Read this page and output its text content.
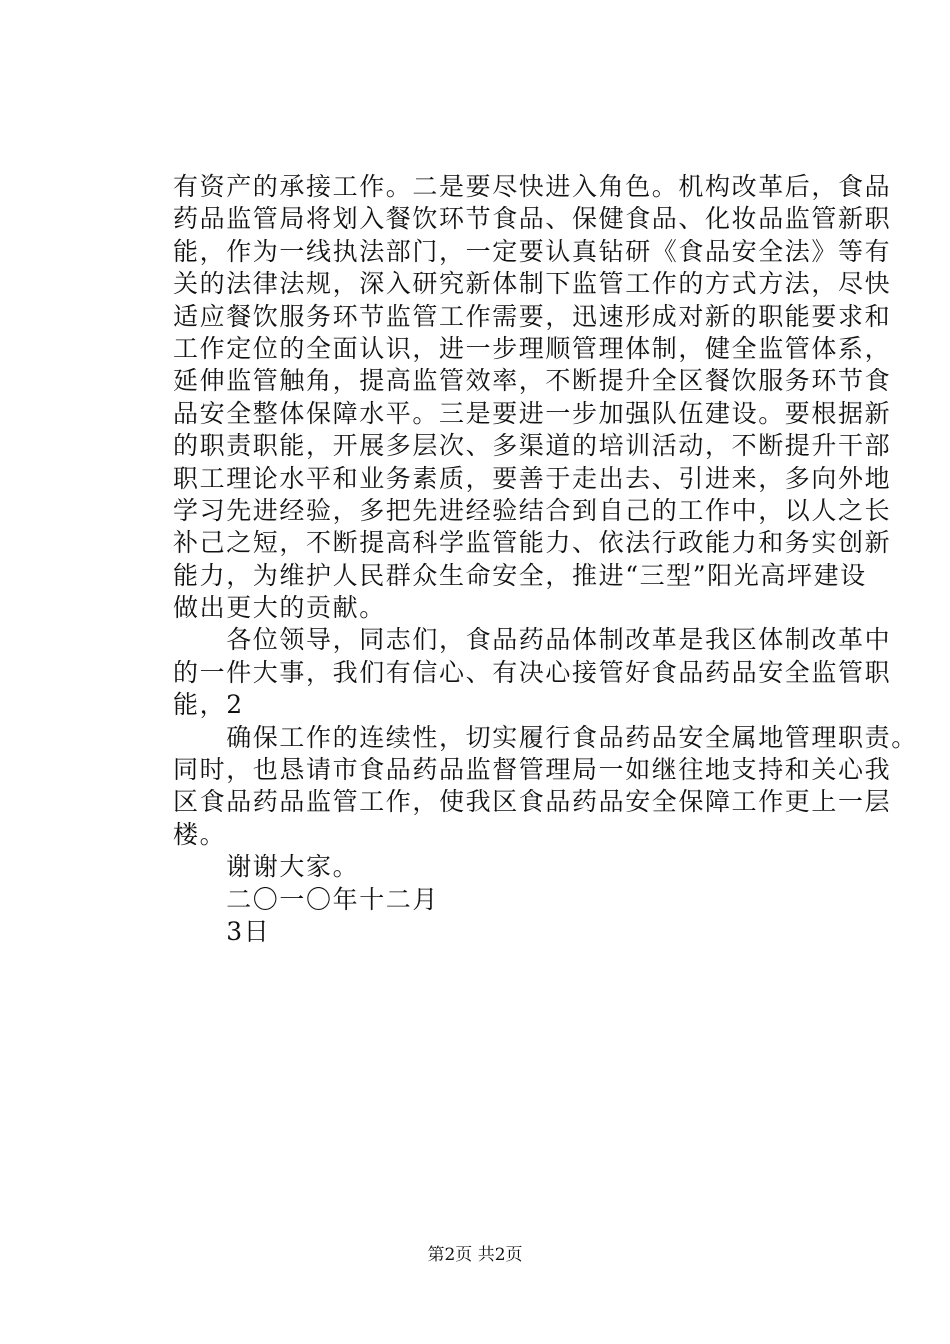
有资产的承接工作。二是要尽快进入角色。机构改革后，食品
药品监管局将划入餐饮环节食品、保健食品、化妆品监管新职
能，作为一线执法部门，一定要认真钻研《食品安全法》等有
关的法律法规，深入研究新体制下监管工作的方式方法，尽快
适应餐饮服务环节监管工作需要，迅速形成对新的职能要求和
工作定位的全面认识，进一步理顺管理体制，健全监管体系，
延伸监管触角，提高监管效率，不断提升全区餐饮服务环节食
品安全整体保障水平。三是要进一步加强队伍建设。要根据新
的职责职能，开展多层次、多渠道的培训活动，不断提升干部
职工理论水平和业务素质，要善于走出去、引进来，多向外地
学习先进经验，多把先进经验结合到自己的工作中，以人之长
补己之短，不断提高科学监管能力、依法行政能力和务实创新
能力，为维护人民群众生命安全，推进“三型”阳光高坪建设
做出更大的贡献。
　　各位领导，同志们，食品药品体制改革是我区体制改革中
的一件大事，我们有信心、有决心接管好食品药品安全监管职
能，2
　　确保工作的连续性，切实履行食品药品安全属地管理职责。
同时，也恳请市食品药品监督管理局一如继往地支持和关心我
区食品药品监管工作，使我区食品药品安全保障工作更上一层
楼。
　　谢谢大家。
　　二〇一〇年十二月
　　3日
第2页 共2页
